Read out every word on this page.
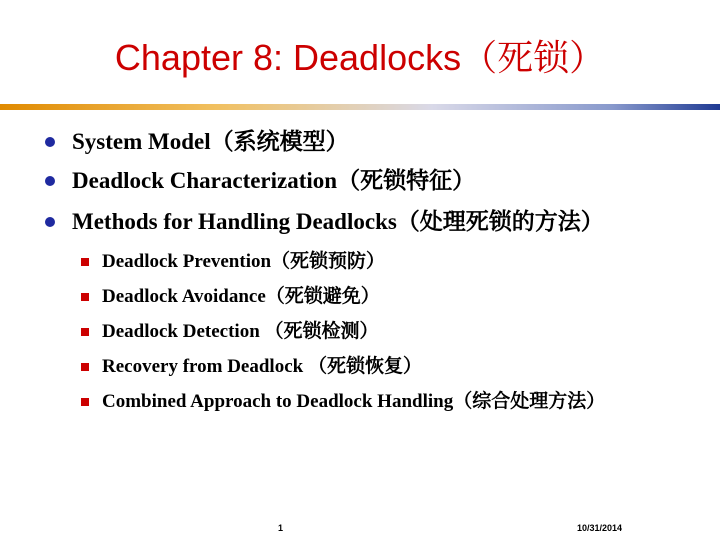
Chapter 8: Deadlocks（死锁）
System Model（系统模型）
Deadlock Characterization（死锁特征）
Methods for Handling Deadlocks（处理死锁的方法）
Deadlock Prevention（死锁预防）
Deadlock Avoidance（死锁避免）
Deadlock Detection （死锁检测）
Recovery from Deadlock （死锁恢复）
Combined Approach to Deadlock Handling（综合处理方法）
1	10/31/2014
